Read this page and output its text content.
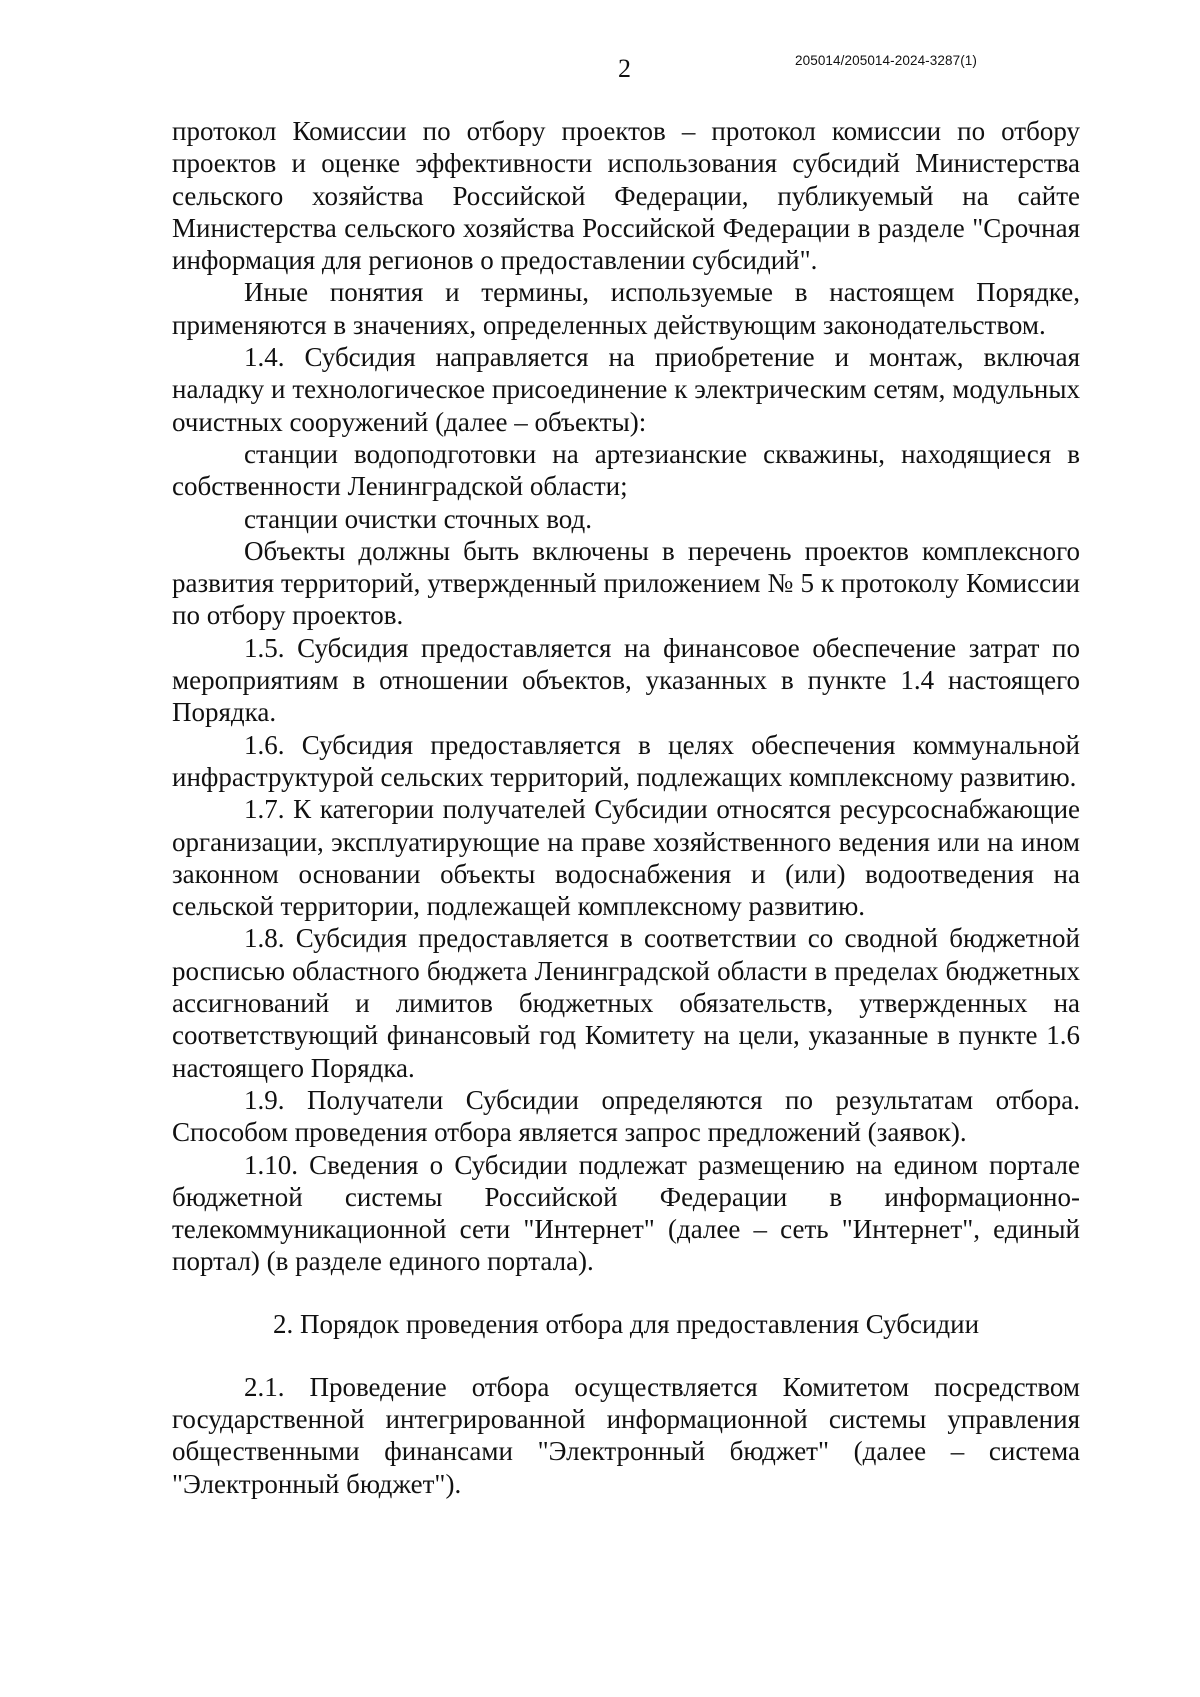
2	205014/205014-2024-3287(1)

протокол Комиссии по отбору проектов – протокол комиссии по отбору проектов и оценке эффективности использования субсидий Министерства сельского хозяйства Российской Федерации, публикуемый на сайте Министерства сельского хозяйства Российской Федерации в разделе "Срочная информация для регионов о предоставлении субсидий".

Иные понятия и термины, используемые в настоящем Порядке, применяются в значениях, определенных действующим законодательством.

1.4. Субсидия направляется на приобретение и монтаж, включая наладку и технологическое присоединение к электрическим сетям, модульных очистных сооружений (далее – объекты):

станции водоподготовки на артезианские скважины, находящиеся в собственности Ленинградской области;

станции очистки сточных вод.

Объекты должны быть включены в перечень проектов комплексного развития территорий, утвержденный приложением № 5 к протоколу Комиссии по отбору проектов.

1.5. Субсидия предоставляется на финансовое обеспечение затрат по мероприятиям в отношении объектов, указанных в пункте 1.4 настоящего Порядка.

1.6. Субсидия предоставляется в целях обеспечения коммунальной инфраструктурой сельских территорий, подлежащих комплексному развитию.

1.7. К категории получателей Субсидии относятся ресурсоснабжающие организации, эксплуатирующие на праве хозяйственного ведения или на ином законном основании объекты водоснабжения и (или) водоотведения на сельской территории, подлежащей комплексному развитию.

1.8. Субсидия предоставляется в соответствии со сводной бюджетной росписью областного бюджета Ленинградской области в пределах бюджетных ассигнований и лимитов бюджетных обязательств, утвержденных на соответствующий финансовый год Комитету на цели, указанные в пункте 1.6 настоящего Порядка.

1.9. Получатели Субсидии определяются по результатам отбора. Способом проведения отбора является запрос предложений (заявок).

1.10. Сведения о Субсидии подлежат размещению на едином портале бюджетной системы Российской Федерации в информационно-телекоммуникационной сети "Интернет" (далее – сеть "Интернет", единый портал) (в разделе единого портала).

2. Порядок проведения отбора для предоставления Субсидии

2.1. Проведение отбора осуществляется Комитетом посредством государственной интегрированной информационной системы управления общественными финансами "Электронный бюджет" (далее – система "Электронный бюджет").
